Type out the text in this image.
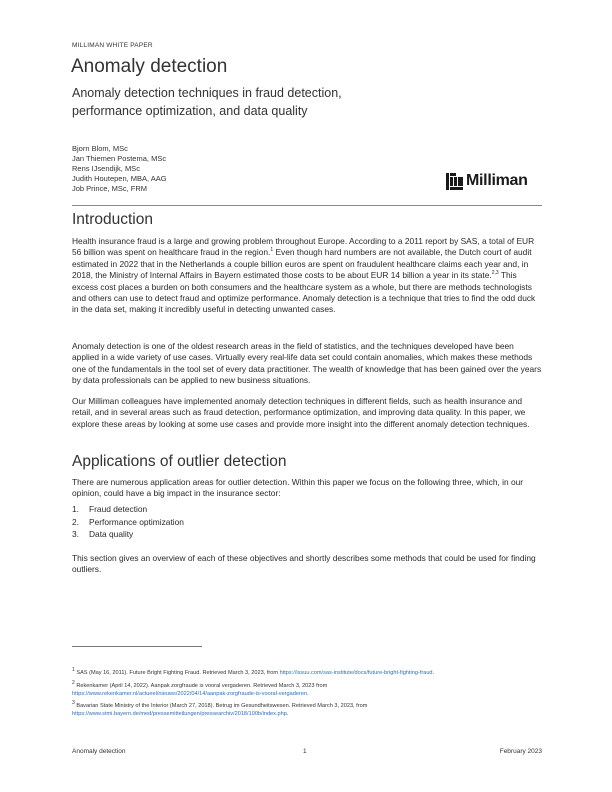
MILLIMAN WHITE PAPER
Anomaly detection
Anomaly detection techniques in fraud detection,
performance optimization, and data quality
Bjorn Blom, MSc
Jan Thiemen Postema, MSc
Rens IJsendijk, MSc
Judith Houtepen, MBA, AAG
Job Prince, MSc, FRM	Milliman
Introduction

Health insurance fraud is a large and growing problem throughout Europe. According to a 2011 report by SAS, a total of EUR 56 billion was spent on healthcare fraud in the region.$^1$ Even though hard numbers are not available, the Dutch court of audit estimated in 2022 that in the Netherlands a couple billion euros are spent on fraudulent healthcare claims each year and, in 2018, the Ministry of Internal Affairs in Bayern estimated those costs to be about EUR 14 billion a year in its state.$^{2,3}$ This excess cost places a burden on both consumers and the healthcare system as a whole, but there are methods technologists and others can use to detect fraud and optimize performance. Anomaly detection is a technique that tries to find the odd duck in the data set, making it incredibly useful in detecting unwanted cases.

Anomaly detection is one of the oldest research areas in the field of statistics, and the techniques developed have been applied in a wide variety of use cases. Virtually every real-life data set could contain anomalies, which makes these methods one of the fundamentals in the tool set of every data practitioner. The wealth of knowledge that has been gained over the years by data professionals can be applied to new business situations.

Our Milliman colleagues have implemented anomaly detection techniques in different fields, such as health insurance and retail, and in several areas such as fraud detection, performance optimization, and improving data quality. In this paper, we explore these areas by looking at some use cases and provide more insight into the different anomaly detection techniques.

Applications of outlier detection

There are numerous application areas for outlier detection. Within this paper we focus on the following three, which, in our opinion, could have a big impact in the insurance sector:

1.	Fraud detection
2.	Performance optimization
3.	Data quality

This section gives an overview of each of these objectives and shortly describes some methods that could be used for finding outliers.

$^1$ SAS (May 16, 2011). Future Bright Fighting Fraud. Retrieved March 3, 2023, from https://issuu.com/sas-institute/docs/future-bright-fighting-fraud.
$^2$ Rekenkamer (April 14, 2022). Aanpak zorgfraude is vooral vergaderen. Retrieved March 3, 2023 from
https://www.rekenkamer.nl/actueel/nieuws/2022/04/14/aanpak-zorgfraude-is-vooral-vergaderen.
$^3$ Bavarian State Ministry of the Interior (March 27, 2018). Betrug im Gesundheitswesen. Retrieved March 3, 2023, from
https://www.stmi.bayern.de/med/pressemitteilungen/pressearchiv/2018/100b/index.php.
Anomaly detection	1	February 2023
